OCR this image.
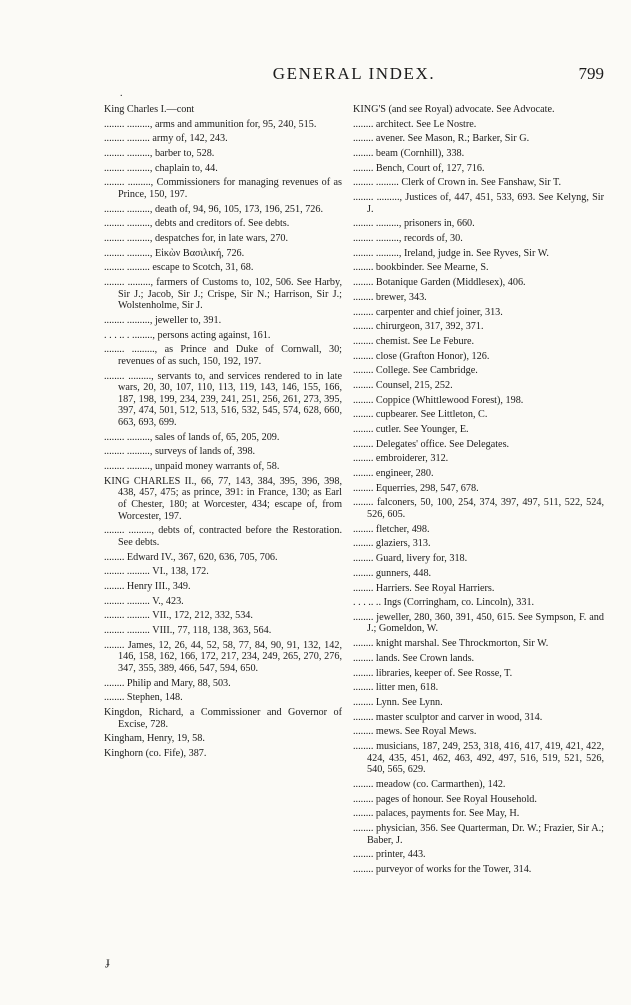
GENERAL INDEX.	799
.
King Charles I.—cont
........ ........., arms and ammunition for, 95, 240, 515.
........ ......... army of, 142, 243.
........ ........., barber to, 528.
........ ........., chaplain to, 44.
........ ........., Commissioners for managing revenues of as Prince, 150, 197.
........ ........., death of, 94, 96, 105, 173, 196, 251, 726.
........ ........., debts and creditors of. See debts.
........ ........., despatches for, in late wars, 270.
........ ........., Εἰκὼν Βασιλική, 726.
........ ......... escape to Scotch, 31, 68.
........ ........., farmers of Customs to, 102, 506. See Harby, Sir J.; Jacob, Sir J.; Crispe, Sir N.; Harrison, Sir J.; Wolstenholme, Sir J.
........ ........., jeweller to, 391.
. . . .. . ........, persons acting against, 161.
........ ........., as Prince and Duke of Cornwall, 30; revenues of as such, 150, 192, 197.
........ ........., servants to, and services rendered to in late wars, 20, 30, 107, 110, 113, 119, 143, 146, 155, 166, 187, 198, 199, 234, 239, 241, 251, 256, 261, 273, 395, 397, 474, 501, 512, 513, 516, 532, 545, 574, 628, 660, 663, 693, 699.
........ ........., sales of lands of, 65, 205, 209.
........ ........., surveys of lands of, 398.
........ ........., unpaid money warrants of, 58.
KING CHARLES II., 66, 77, 143, 384, 395, 396, 398, 438, 457, 475; as prince, 391: in France, 130; as Earl of Chester, 180; at Worcester, 434; escape of, from Worcester, 197.
........ ........., debts of, contracted before the Restoration. See debts.
........ Edward IV., 367, 620, 636, 705, 706.
........ ......... VI., 138, 172.
........ Henry III., 349.
........ ......... V., 423.
........ ......... VII., 172, 212, 332, 534.
........ ......... VIII., 77, 118, 138, 363, 564.
........ James, 12, 26, 44, 52, 58, 77, 84, 90, 91, 132, 142, 146, 158, 162, 166, 172, 217, 234, 249, 265, 270, 276, 347, 355, 389, 466, 547, 594, 650.
........ Philip and Mary, 88, 503.
........ Stephen, 148.
Kingdon, Richard, a Commissioner and Governor of Excise, 728.
Kingham, Henry, 19, 58.
Kinghorn (co. Fife), 387.
KING'S (and see Royal) advocate. See Advocate.
........ architect. See Le Nostre.
........ avener. See Mason, R.; Barker, Sir G.
........ beam (Cornhill), 338.
........ Bench, Court of, 127, 716.
........ ......... Clerk of Crown in. See Fanshaw, Sir T.
........ ........., Justices of, 447, 451, 533, 693. See Kelyng, Sir J.
........ ........., prisoners in, 660.
........ ........., records of, 30.
........ ........., Ireland, judge in. See Ryves, Sir W.
........ bookbinder. See Mearne, S.
........ Botanique Garden (Middlesex), 406.
........ brewer, 343.
........ carpenter and chief joiner, 313.
........ chirurgeon, 317, 392, 371.
........ chemist. See Le Febure.
........ close (Grafton Honor), 126.
........ College. See Cambridge.
........ Counsel, 215, 252.
........ Coppice (Whittlewood Forest), 198.
........ cupbearer. See Littleton, C.
........ cutler. See Younger, E.
........ Delegates' office. See Delegates.
........ embroiderer, 312.
........ engineer, 280.
........ Equerries, 298, 547, 678.
........ falconers, 50, 100, 254, 374, 397, 497, 511, 522, 524, 526, 605.
........ fletcher, 498.
........ glaziers, 313.
........ Guard, livery for, 318.
........ gunners, 448.
........ Harriers. See Royal Harriers.
. . . .. .. Ings (Corringham, co. Lincoln), 331.
........ jeweller, 280, 360, 391, 450, 615. See Sympson, F. and J.; Gomeldon, W.
........ knight marshal. See Throckmorton, Sir W.
........ lands. See Crown lands.
........ libraries, keeper of. See Rosse, T.
........ litter men, 618.
........ Lynn. See Lynn.
........ master sculptor and carver in wood, 314.
........ mews. See Royal Mews.
........ musicians, 187, 249, 253, 318, 416, 417, 419, 421, 422, 424, 435, 451, 462, 463, 492, 497, 516, 519, 521, 526, 540, 565, 629.
........ meadow (co. Carmarthen), 142.
........ pages of honour. See Royal Household.
........ palaces, payments for. See May, H.
........ physician, 356. See Quarterman, Dr. W.; Frazier, Sir A.; Baber, J.
........ printer, 443.
........ purveyor of works for the Tower, 314.
ɟ
